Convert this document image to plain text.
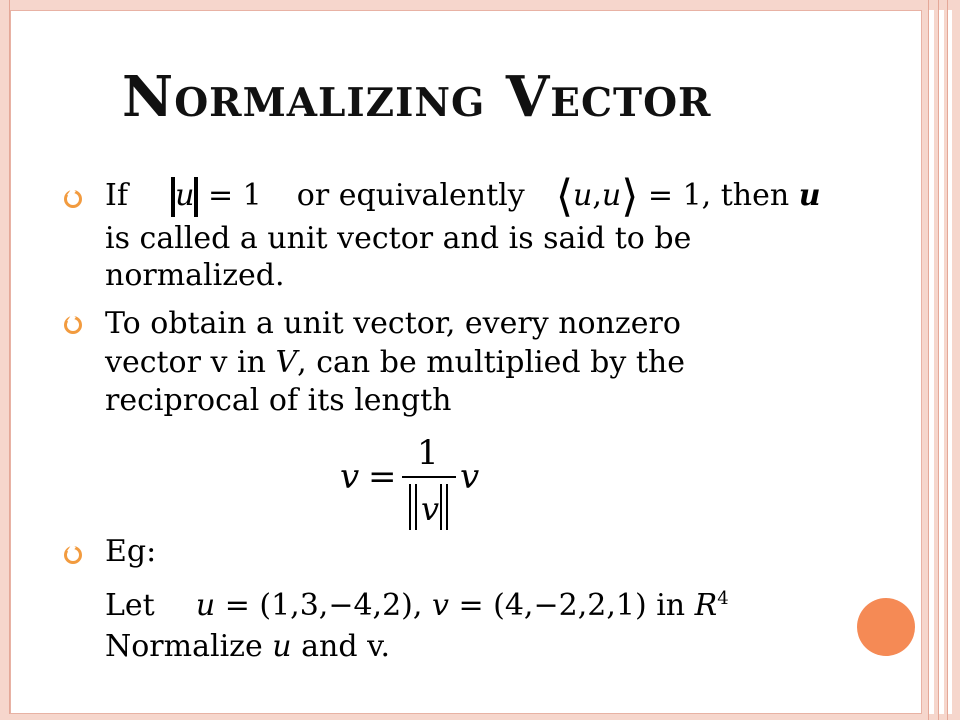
Normalizing Vector
If u = 1 or equivalently ⟨u,u⟩ = 1, then u
is called a unit vector and is said to be
normalized.
To obtain a unit vector, every nonzero
vector v in V, can be multiplied by the
reciprocal of its length
v =
1
v
v
Eg:
Let u = (1,3,−4,2), v = (4,−2,2,1) in $R^4$
Normalize u and v.
